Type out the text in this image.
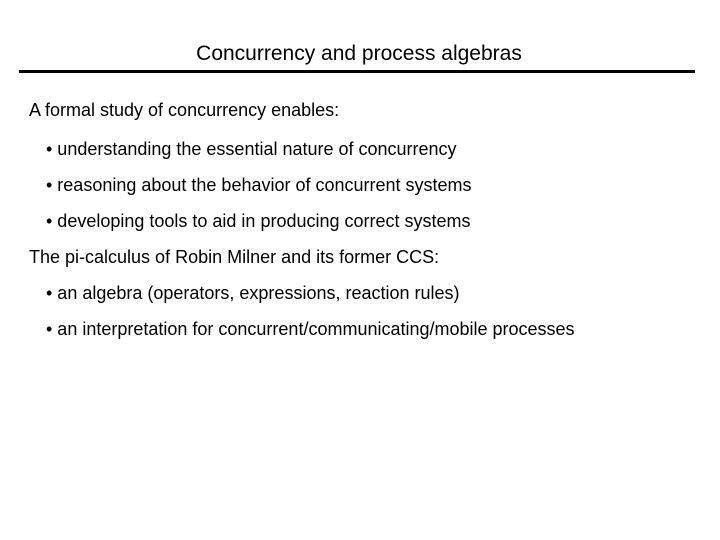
Concurrency and process algebras
A formal study of concurrency enables:
• understanding the essential nature of concurrency
• reasoning about the behavior of concurrent systems
• developing tools to aid in producing correct systems
The pi-calculus of Robin Milner and its former CCS:
• an algebra (operators, expressions, reaction rules)
• an interpretation for concurrent/communicating/mobile processes
